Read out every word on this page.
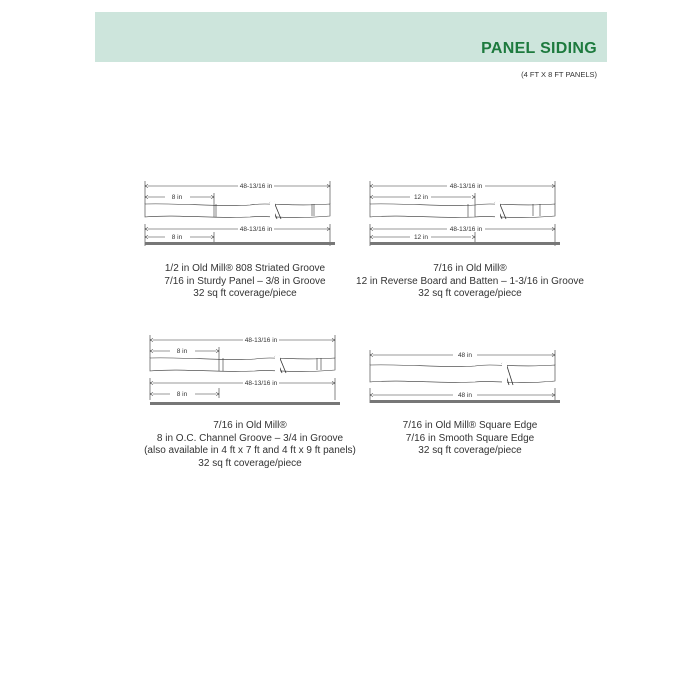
PANEL SIDING
(4 FT X 8 FT PANELS)
48-13/16 in
8 in
48-13/16 in
8 in
1/2 in Old Mill® 808 Striated Groove
7/16 in Sturdy Panel – 3/8 in Groove
32 sq ft coverage/piece
48-13/16 in
12 in
48-13/16 in
12 in
7/16 in Old Mill®
12 in Reverse Board and Batten – 1-3/16 in Groove
32 sq ft coverage/piece
48-13/16 in
8 in
48-13/16 in
8 in
7/16 in Old Mill®
8 in O.C. Channel Groove – 3/4 in Groove
(also available in 4 ft x 7 ft and 4 ft x 9 ft panels)
32 sq ft coverage/piece
48 in
48 in
7/16 in Old Mill® Square Edge
7/16 in Smooth Square Edge
32 sq ft coverage/piece
